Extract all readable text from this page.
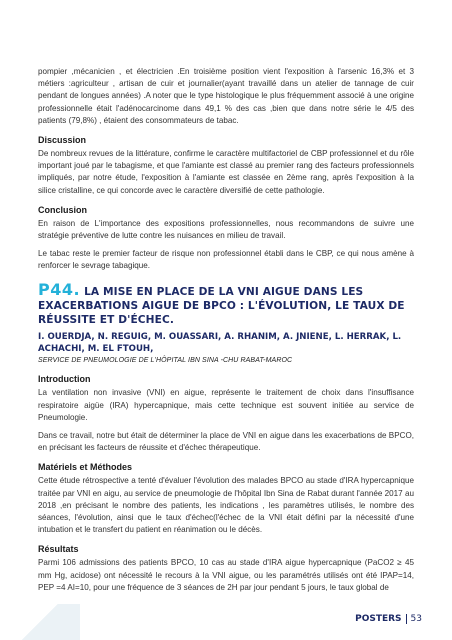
pompier ,mécanicien , et électricien .En troisième position vient l'exposition à l'arsenic 16,3% et 3 métiers :agriculteur , artisan de cuir et journalier(ayant travaillé dans un atelier de tannage de cuir pendant de longues années) .A noter que le type histologique le plus fréquemment associé à une origine professionnelle était l'adénocarcinome dans 49,1 % des cas ,bien que dans notre série le 4/5 des patients (79,8%) , étaient des consommateurs de tabac.

Discussion

De nombreux revues de la littérature, confirme le caractère multifactoriel de CBP professionnel et du rôle important joué par le tabagisme, et que l'amiante est classé au premier rang des facteurs professionnels impliqués, par notre étude, l'exposition à l'amiante est classée en 2ème rang, après l'exposition à la silice cristalline, ce qui concorde avec le caractère diversifié de cette pathologie.

Conclusion

En raison de L'importance des expositions professionnelles, nous recommandons de suivre une stratégie préventive de lutte contre les nuisances en milieu de travail.

Le tabac reste le premier facteur de risque non professionnel établi dans le CBP, ce qui nous amène à renforcer le sevrage tabagique.

P44. LA MISE EN PLACE DE LA VNI AIGUE DANS LES EXACERBATIONS AIGUE DE BPCO : L'ÉVOLUTION, LE TAUX DE RÉUSSITE ET D'ÉCHEC.
I. OUERDJA, N. REGUIG, M. OUASSARI, A. RHANIM, A. JNIENE, L. HERRAK, L. ACHACHI, M. EL FTOUH,
SERVICE DE PNEUMOLOGIE DE L'HÔPITAL IBN SINA -CHU RABAT-MAROC
Introduction

La ventilation non invasive (VNI) en aigue, représente le traitement de choix dans l'insuffisance respiratoire aigüe (IRA) hypercapnique, mais cette technique est souvent initiée au service de Pneumologie.

Dans ce travail, notre but était de déterminer la place de VNI en aigue dans les exacerbations de BPCO, en précisant les facteurs de réussite et d'échec thérapeutique.

Matériels et Méthodes

Cette étude rétrospective a tenté d'évaluer l'évolution des malades BPCO au stade d'IRA hypercapnique traitée par VNI en aigu, au service de pneumologie de l'hôpital Ibn Sina de Rabat durant l'année 2017 au 2018 ,en précisant le nombre des patients, les indications , les paramètres utilisés, le nombre des séances, l'évolution, ainsi que le taux d'échec(l'échec de la VNI était défini par la nécessité d'une intubation et le transfert du patient en réanimation ou le décès.

Résultats

Parmi 106 admissions des patients BPCO, 10 cas au stade d'IRA aigue hypercapnique (PaCO2 ≥ 45 mm Hg, acidose) ont nécessité le recours à la VNI aigue, ou les paramétrés utilisés ont été IPAP=14, PEP =4 AI=10, pour une fréquence de 3 séances de 2H par jour pendant 5 jours, le taux global de

POSTERS 53
